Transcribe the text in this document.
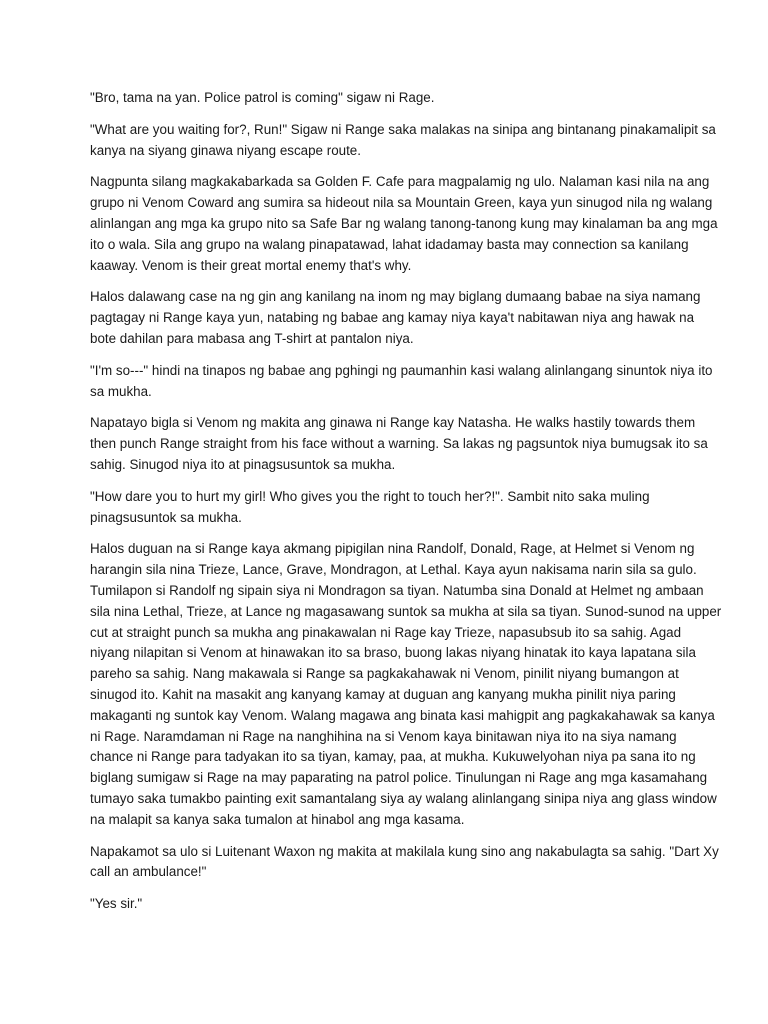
"Bro, tama na yan. Police patrol is coming" sigaw ni Rage.

"What are you waiting for?, Run!" Sigaw ni Range saka malakas na sinipa ang bintanang pinakamalipit sa
kanya na siyang ginawa niyang escape route.

Nagpunta silang magkakabarkada sa Golden F. Cafe para magpalamig ng ulo. Nalaman kasi nila na ang
grupo ni Venom Coward ang sumira sa hideout nila sa Mountain Green, kaya yun sinugod nila ng walang
alinlangan ang mga ka grupo nito sa Safe Bar ng walang tanong-tanong kung may kinalaman ba ang mga
ito o wala. Sila ang grupo na walang pinapatawad, lahat idadamay basta may connection sa kanilang
kaaway. Venom is their great mortal enemy that's why.

Halos dalawang case na ng gin ang kanilang na inom ng may biglang dumaang babae na siya namang
pagtagay ni Range kaya yun, natabing ng babae ang kamay niya kaya't nabitawan niya ang hawak na
bote dahilan para mabasa ang T-shirt at pantalon niya.

"I'm so---" hindi na tinapos ng babae ang pghingi ng paumanhin kasi walang alinlangang sinuntok niya ito
sa mukha.

Napatayo bigla si Venom ng makita ang ginawa ni Range kay Natasha. He walks hastily towards them
then punch Range straight from his face without a warning. Sa lakas ng pagsuntok niya bumugsak ito sa
sahig. Sinugod niya ito at pinagsusuntok sa mukha.

"How dare you to hurt my girl! Who gives you the right to touch her?!". Sambit nito saka muling
pinagsusuntok sa mukha.

Halos duguan na si Range kaya akmang pipigilan nina Randolf, Donald, Rage, at Helmet si Venom ng
harangin sila nina Trieze, Lance, Grave, Mondragon, at Lethal. Kaya ayun nakisama narin sila sa gulo.
Tumilapon si Randolf ng sipain siya ni Mondragon sa tiyan. Natumba sina Donald at Helmet ng ambaan
sila nina Lethal, Trieze, at Lance ng magasawang suntok sa mukha at sila sa tiyan. Sunod-sunod na upper
cut at straight punch sa mukha ang pinakawalan ni Rage kay Trieze, napasubsub ito sa sahig. Agad
niyang nilapitan si Venom at hinawakan ito sa braso, buong lakas niyang hinatak ito kaya lapatana sila
pareho sa sahig. Nang makawala si Range sa pagkakahawak ni Venom, pinilit niyang bumangon at
sinugod ito. Kahit na masakit ang kanyang kamay at duguan ang kanyang mukha pinilit niya paring
makaganti ng suntok kay Venom. Walang magawa ang binata kasi mahigpit ang pagkakahawak sa kanya
ni Rage. Naramdaman ni Rage na nanghihina na si Venom kaya binitawan niya ito na siya namang
chance ni Range para tadyakan ito sa tiyan, kamay, paa, at mukha. Kukuwelyohan niya pa sana ito ng
biglang sumigaw si Rage na may paparating na patrol police. Tinulungan ni Rage ang mga kasamahang
tumayo saka tumakbo painting exit samantalang siya ay walang alinlangang sinipa niya ang glass window
na malapit sa kanya saka tumalon at hinabol ang mga kasama.

Napakamot sa ulo si Luitenant Waxon ng makita at makilala kung sino ang nakabulagta sa sahig. "Dart Xy
call an ambulance!"

"Yes sir."
